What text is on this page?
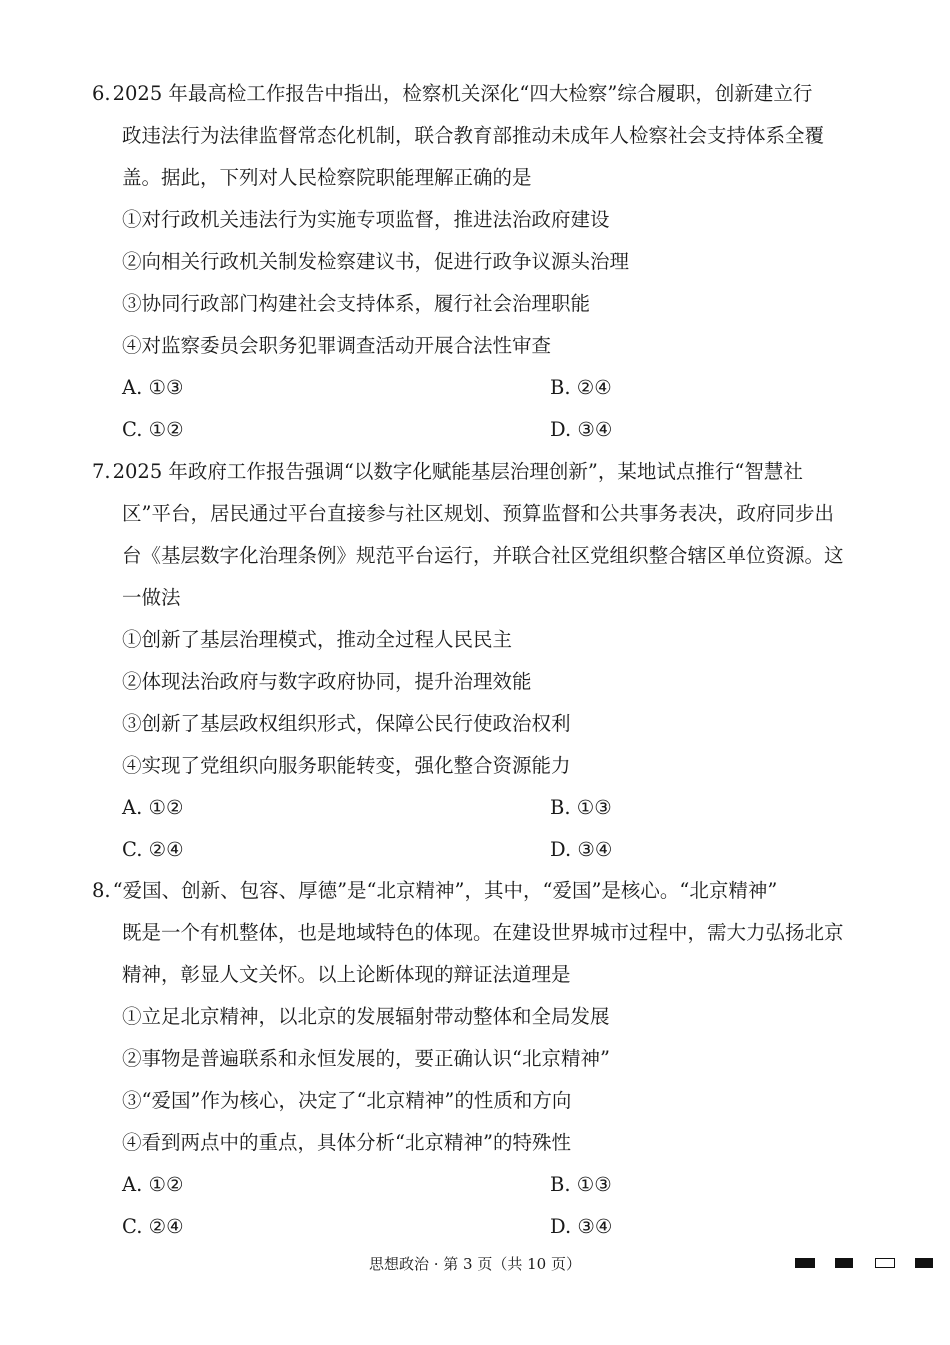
6. 2025 年最高检工作报告中指出，检察机关深化“四大检察”综合履职，创新建立行
政违法行为法律监督常态化机制，联合教育部推动未成年人检察社会支持体系全覆
盖。据此，下列对人民检察院职能理解正确的是
①对行政机关违法行为实施专项监督，推进法治政府建设
②向相关行政机关制发检察建议书，促进行政争议源头治理
③协同行政部门构建社会支持体系，履行社会治理职能
④对监察委员会职务犯罪调查活动开展合法性审查
A. ①③	B. ②④
C. ①②	D. ③④
7. 2025 年政府工作报告强调“以数字化赋能基层治理创新”，某地试点推行“智慧社
区”平台，居民通过平台直接参与社区规划、预算监督和公共事务表决，政府同步出
台《基层数字化治理条例》规范平台运行，并联合社区党组织整合辖区单位资源。这
一做法
①创新了基层治理模式，推动全过程人民民主
②体现法治政府与数字政府协同，提升治理效能
③创新了基层政权组织形式，保障公民行使政治权利
④实现了党组织向服务职能转变，强化整合资源能力
A. ①②	B. ①③
C. ②④	D. ③④
8. “爱国、创新、包容、厚德”是“北京精神”，其中，“爱国”是核心。“北京精神”
既是一个有机整体，也是地域特色的体现。在建设世界城市过程中，需大力弘扬北京
精神，彰显人文关怀。以上论断体现的辩证法道理是
①立足北京精神，以北京的发展辐射带动整体和全局发展
②事物是普遍联系和永恒发展的，要正确认识“北京精神”
③“爱国”作为核心，决定了“北京精神”的性质和方向
④看到两点中的重点，具体分析“北京精神”的特殊性
A. ①②	B. ①③
C. ②④	D. ③④
思想政治 · 第 3 页（共 10 页）
